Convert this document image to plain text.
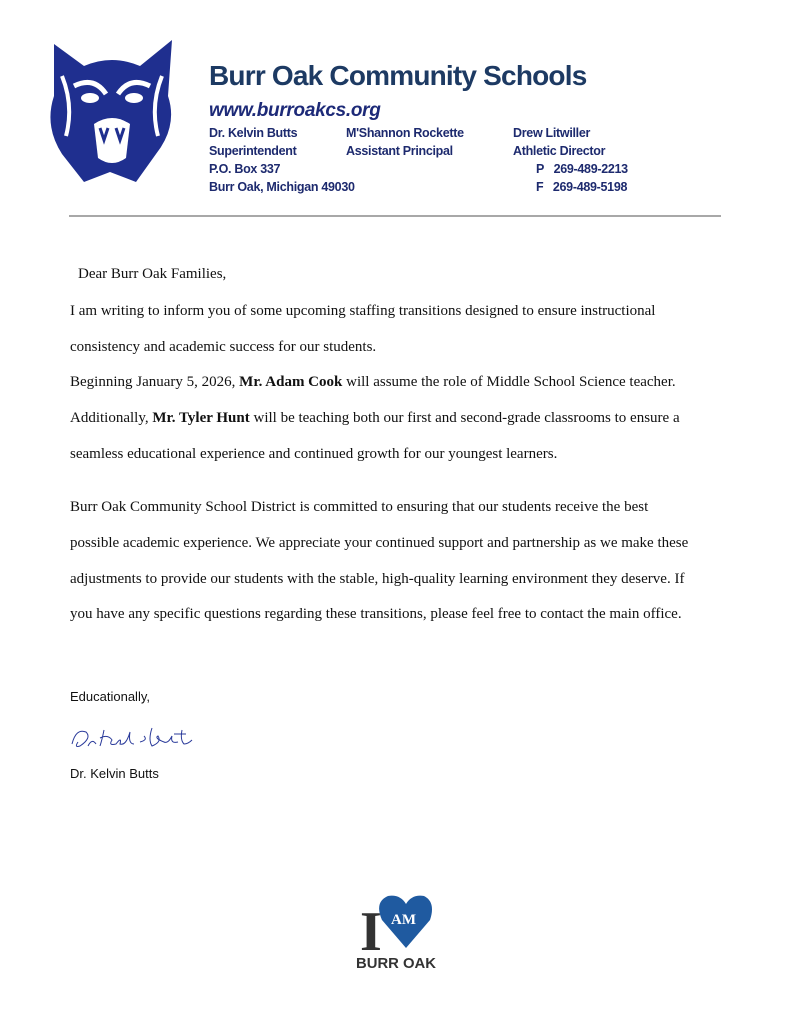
Burr Oak Community Schools
www.burroakcs.org
Dr. Kelvin Butts
Superintendent
P.O. Box 337
Burr Oak, Michigan 49030
M'Shannon Rockette
Assistant Principal
Drew Litwiller
Athletic Director
P 269-489-2213
F 269-489-5198
Dear Burr Oak Families,
I am writing to inform you of some upcoming staffing transitions designed to ensure instructional
consistency and academic success for our students.
Beginning January 5, 2026, Mr. Adam Cook will assume the role of Middle School Science teacher.
Additionally, Mr. Tyler Hunt will be teaching both our first and second-grade classrooms to ensure a
seamless educational experience and continued growth for our youngest learners.
Burr Oak Community School District is committed to ensuring that our students receive the best
possible academic experience. We appreciate your continued support and partnership as we make these
adjustments to provide our students with the stable, high-quality learning environment they deserve. If
you have any specific questions regarding these transitions, please feel free to contact the main office.
Educationally,
Dr. Kelvin Butts
I AM
BURR OAK
